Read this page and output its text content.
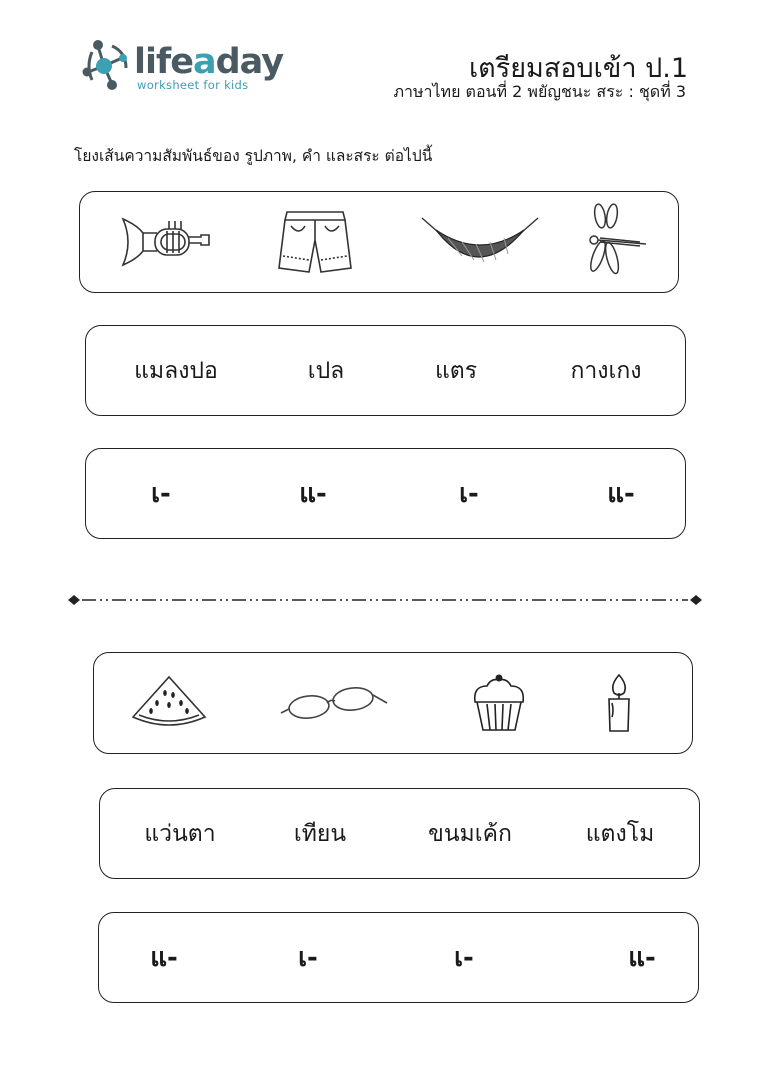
lifeaday
worksheet for kids
เตรียมสอบเข้า ป.1
ภาษาไทย ตอนที่ 2 พยัญชนะ สระ : ชุดที่ 3
โยงเส้นความสัมพันธ์ของ รูปภาพ, คำ และสระ ต่อไปนี้
แมลงปอ	เปล	แตร	กางเกง
เ-	แ-	เ-	แ-
แว่นตา	เทียน	ขนมเค้ก	แตงโม
แ-	เ-	เ-	แ-
